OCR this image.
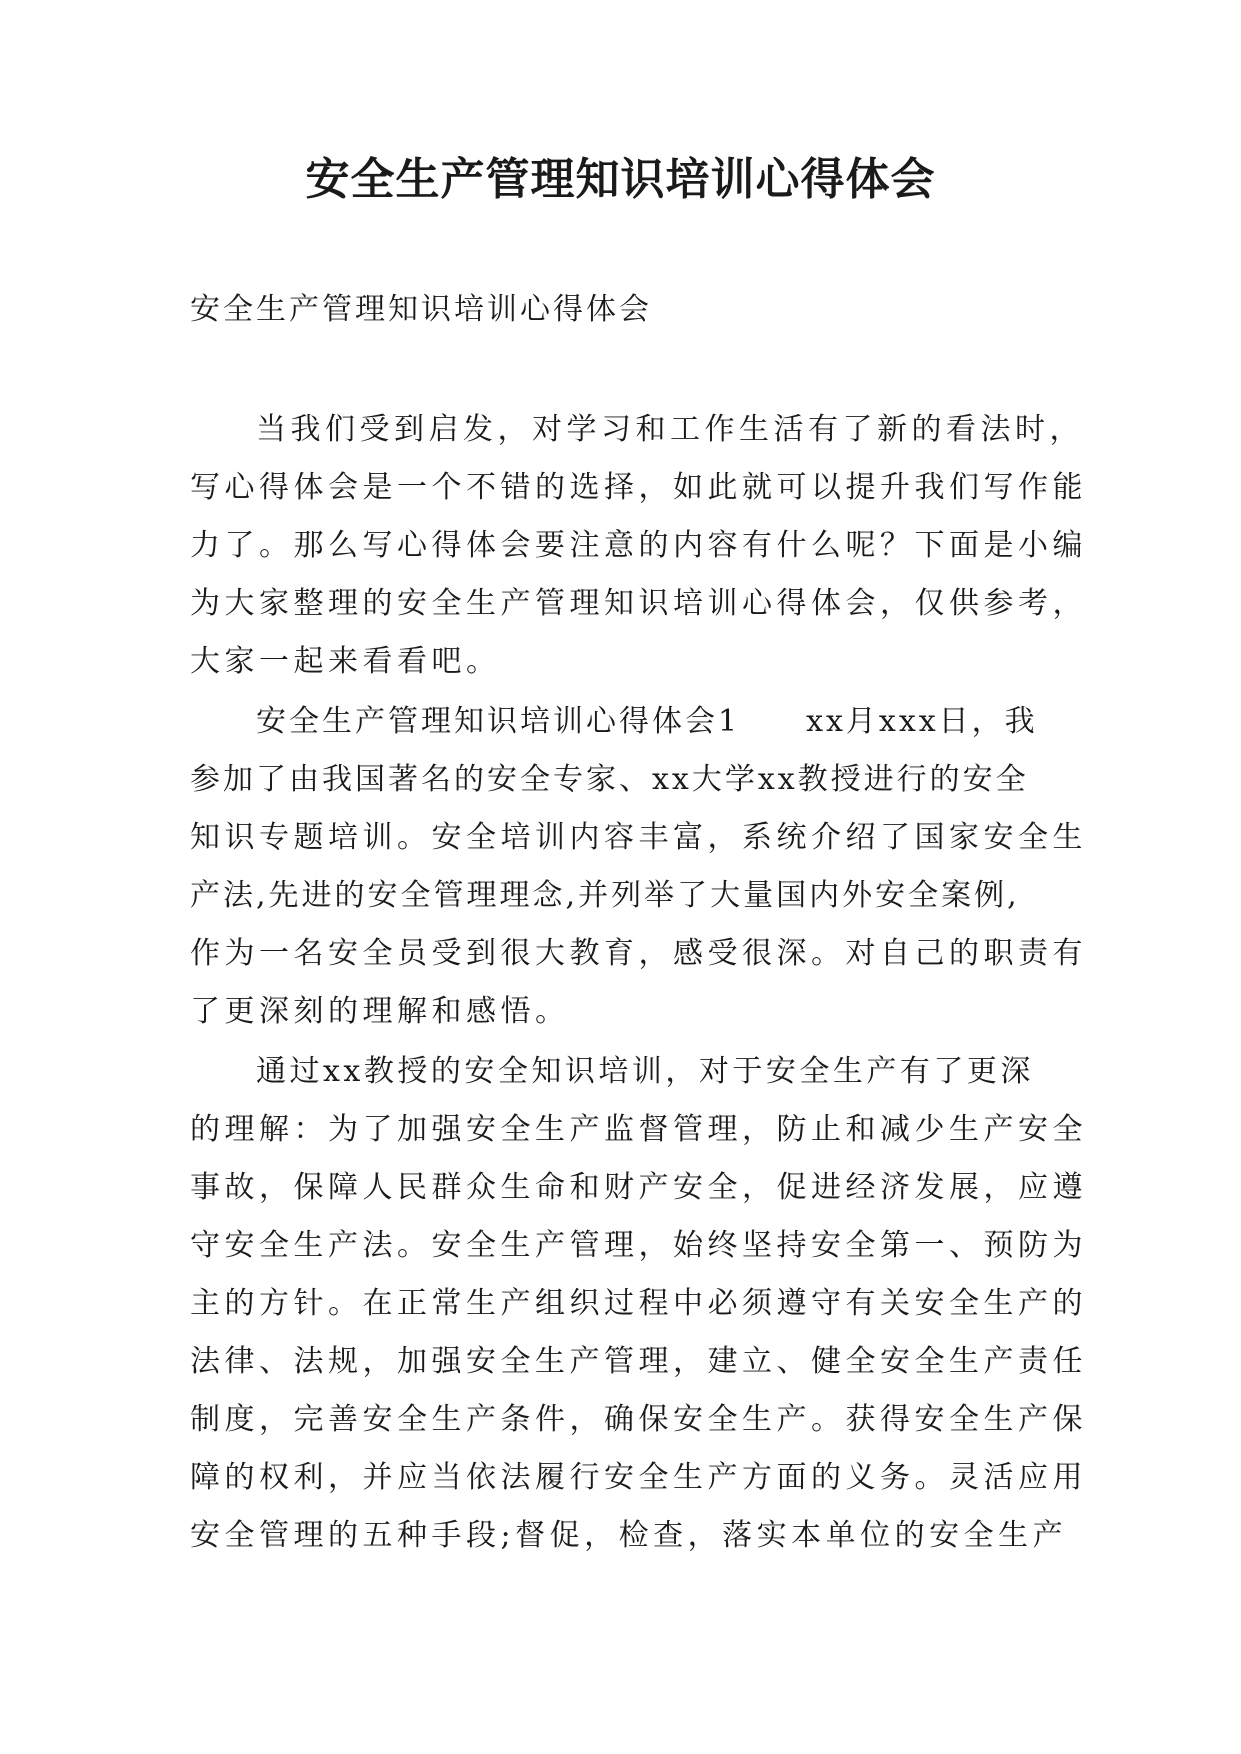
安全生产管理知识培训心得体会

安全生产管理知识培训心得体会

当我们受到启发，对学习和工作生活有了新的看法时，

写心得体会是一个不错的选择，如此就可以提升我们写作能

力了。那么写心得体会要注意的内容有什么呢？下面是小编

为大家整理的安全生产管理知识培训心得体会，仅供参考，

大家一起来看看吧。

安全生产管理知识培训心得体会1　　xx月xxx日，我

参加了由我国著名的安全专家、xx大学xx教授进行的安全

知识专题培训。安全培训内容丰富，系统介绍了国家安全生

产法,先进的安全管理理念,并列举了大量国内外安全案例,

作为一名安全员受到很大教育，感受很深。对自己的职责有

了更深刻的理解和感悟。

通过xx教授的安全知识培训，对于安全生产有了更深

的理解：为了加强安全生产监督管理，防止和减少生产安全

事故，保障人民群众生命和财产安全，促进经济发展，应遵

守安全生产法。安全生产管理，始终坚持安全第一、预防为

主的方针。在正常生产组织过程中必须遵守有关安全生产的

法律、法规，加强安全生产管理，建立、健全安全生产责任

制度，完善安全生产条件，确保安全生产。获得安全生产保

障的权利，并应当依法履行安全生产方面的义务。灵活应用

安全管理的五种手段;督促，检查，落实本单位的安全生产
